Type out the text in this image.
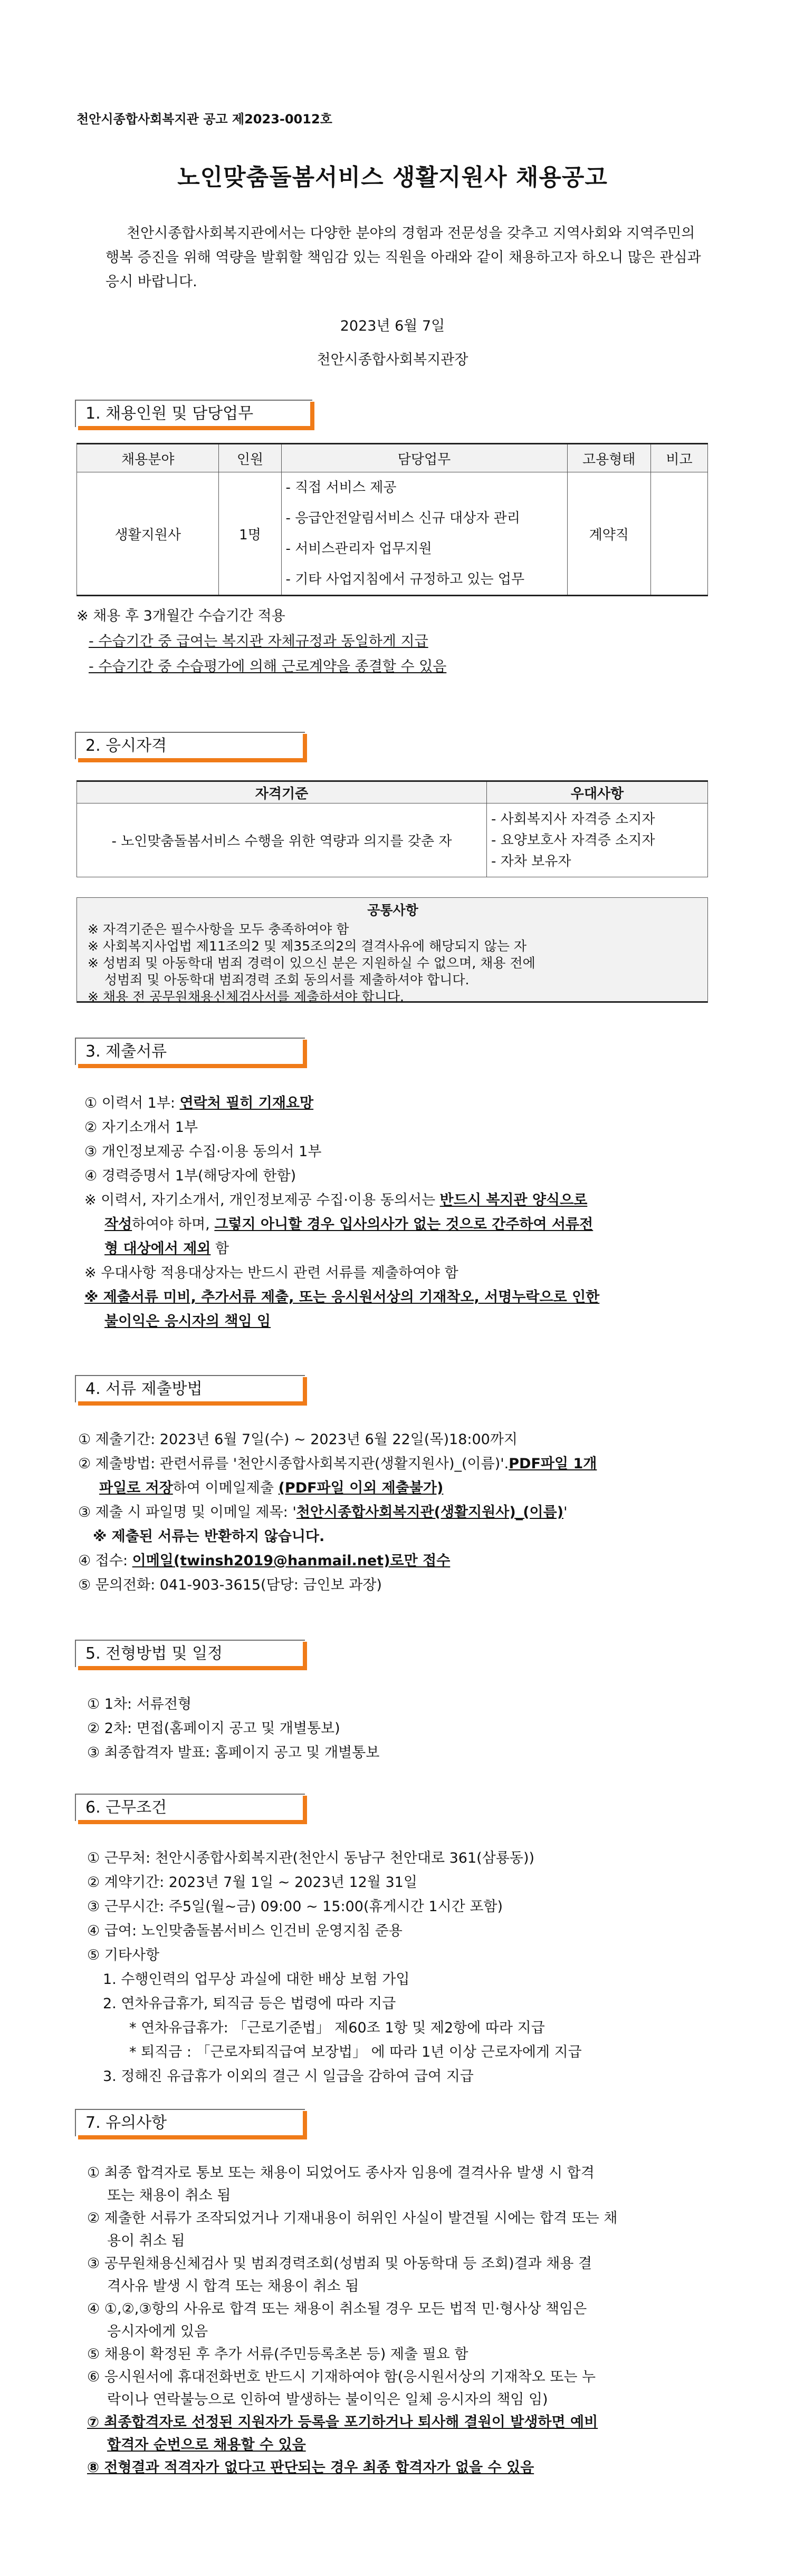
천안시종합사회복지관 공고 제2023-0012호
노인맞춤돌봄서비스 생활지원사 채용공고
천안시종합사회복지관에서는 다양한 분야의 경험과 전문성을 갖추고 지역사회와 지역주민의 행복 증진을 위해 역량을 발휘할 책임감 있는 직원을 아래와 같이 채용하고자 하오니 많은 관심과 응시 바랍니다.
2023년 6월 7일
천안시종합사회복지관장
1. 채용인원 및 담당업무
채용분야	인원	담당업무	고용형태	비고
생활지원사	1명	- 직접 서비스 제공
- 응급안전알림서비스 신규 대상자 관리
- 서비스관리자 업무지원
- 기타 사업지침에서 규정하고 있는 업무	계약직	
※ 채용 후 3개월간 수습기간 적용
- 수습기간 중 급여는 복지관 자체규정과 동일하게 지급
- 수습기간 중 수습평가에 의해 근로계약을 종결할 수 있음
2. 응시자격
자격기준	우대사항
- 노인맞춤돌봄서비스 수행을 위한 역량과 의지를 갖춘 자	- 사회복지사 자격증 소지자
- 요양보호사 자격증 소지자
- 자차 보유자
공통사항
※ 자격기준은 필수사항을 모두 충족하여야 함
※ 사회복지사업법 제11조의2 및 제35조의2의 결격사유에 해당되지 않는 자
※ 성범죄 및 아동학대 범죄 경력이 있으신 분은 지원하실 수 없으며, 채용 전에
성범죄 및 아동학대 범죄경력 조회 동의서를 제출하셔야 합니다.
※ 채용 전 공무원채용신체검사서를 제출하셔야 합니다.
3. 제출서류
① 이력서 1부: 연락처 필히 기재요망
② 자기소개서 1부
③ 개인정보제공 수집·이용 동의서 1부
④ 경력증명서 1부(해당자에 한함)
※ 이력서, 자기소개서, 개인정보제공 수집·이용 동의서는 반드시 복지관 양식으로
작성하여야 하며, 그렇지 아니할 경우 입사의사가 없는 것으로 간주하여 서류전
형 대상에서 제외 함
※ 우대사항 적용대상자는 반드시 관련 서류를 제출하여야 함
※ 제출서류 미비, 추가서류 제출, 또는 응시원서상의 기재착오, 서명누락으로 인한
불이익은 응시자의 책임 임
4. 서류 제출방법
① 제출기간: 2023년 6월 7일(수) ~ 2023년 6월 22일(목)18:00까지
② 제출방법: 관련서류를 '천안시종합사회복지관(생활지원사)_(이름)'.PDF파일 1개
파일로 저장하여 이메일제출 (PDF파일 이외 제출불가)
③ 제출 시 파일명 및 이메일 제목: '천안시종합사회복지관(생활지원사)_(이름)'
※ 제출된 서류는 반환하지 않습니다.
④ 접수: 이메일(twinsh2019@hanmail.net)로만 접수
⑤ 문의전화: 041-903-3615(담당: 금인보 과장)
5. 전형방법 및 일정
① 1차: 서류전형
② 2차: 면접(홈페이지 공고 및 개별통보)
③ 최종합격자 발표: 홈페이지 공고 및 개별통보
6. 근무조건
① 근무처: 천안시종합사회복지관(천안시 동남구 천안대로 361(삼룡동))
② 계약기간: 2023년 7월 1일 ~ 2023년 12월 31일
③ 근무시간: 주5일(월~금) 09:00 ~ 15:00(휴게시간 1시간 포함)
④ 급여: 노인맞춤돌봄서비스 인건비 운영지침 준용
⑤ 기타사항
1. 수행인력의 업무상 과실에 대한 배상 보험 가입
2. 연차유급휴가, 퇴직금 등은 법령에 따라 지급
* 연차유급휴가: 「근로기준법」 제60조 1항 및 제2항에 따라 지급
* 퇴직금 : 「근로자퇴직급여 보장법」 에 따라 1년 이상 근로자에게 지급
3. 정해진 유급휴가 이외의 결근 시 일급을 감하여 급여 지급
7. 유의사항
① 최종 합격자로 통보 또는 채용이 되었어도 종사자 임용에 결격사유 발생 시 합격
또는 채용이 취소 됨
② 제출한 서류가 조작되었거나 기재내용이 허위인 사실이 발견될 시에는 합격 또는 채
용이 취소 됨
③ 공무원채용신체검사 및 범죄경력조회(성범죄 및 아동학대 등 조회)결과 채용 결
격사유 발생 시 합격 또는 채용이 취소 됨
④ ①,②,③항의 사유로 합격 또는 채용이 취소될 경우 모든 법적 민·형사상 책임은
응시자에게 있음
⑤ 채용이 확정된 후 추가 서류(주민등록초본 등) 제출 필요 함
⑥ 응시원서에 휴대전화번호 반드시 기재하여야 함(응시원서상의 기재착오 또는 누
락이나 연락불능으로 인하여 발생하는 불이익은 일체 응시자의 책임 임)
⑦ 최종합격자로 선정된 지원자가 등록을 포기하거나 퇴사해 결원이 발생하면 예비
합격자 순번으로 채용할 수 있음
⑧ 전형결과 적격자가 없다고 판단되는 경우 최종 합격자가 없을 수 있음
